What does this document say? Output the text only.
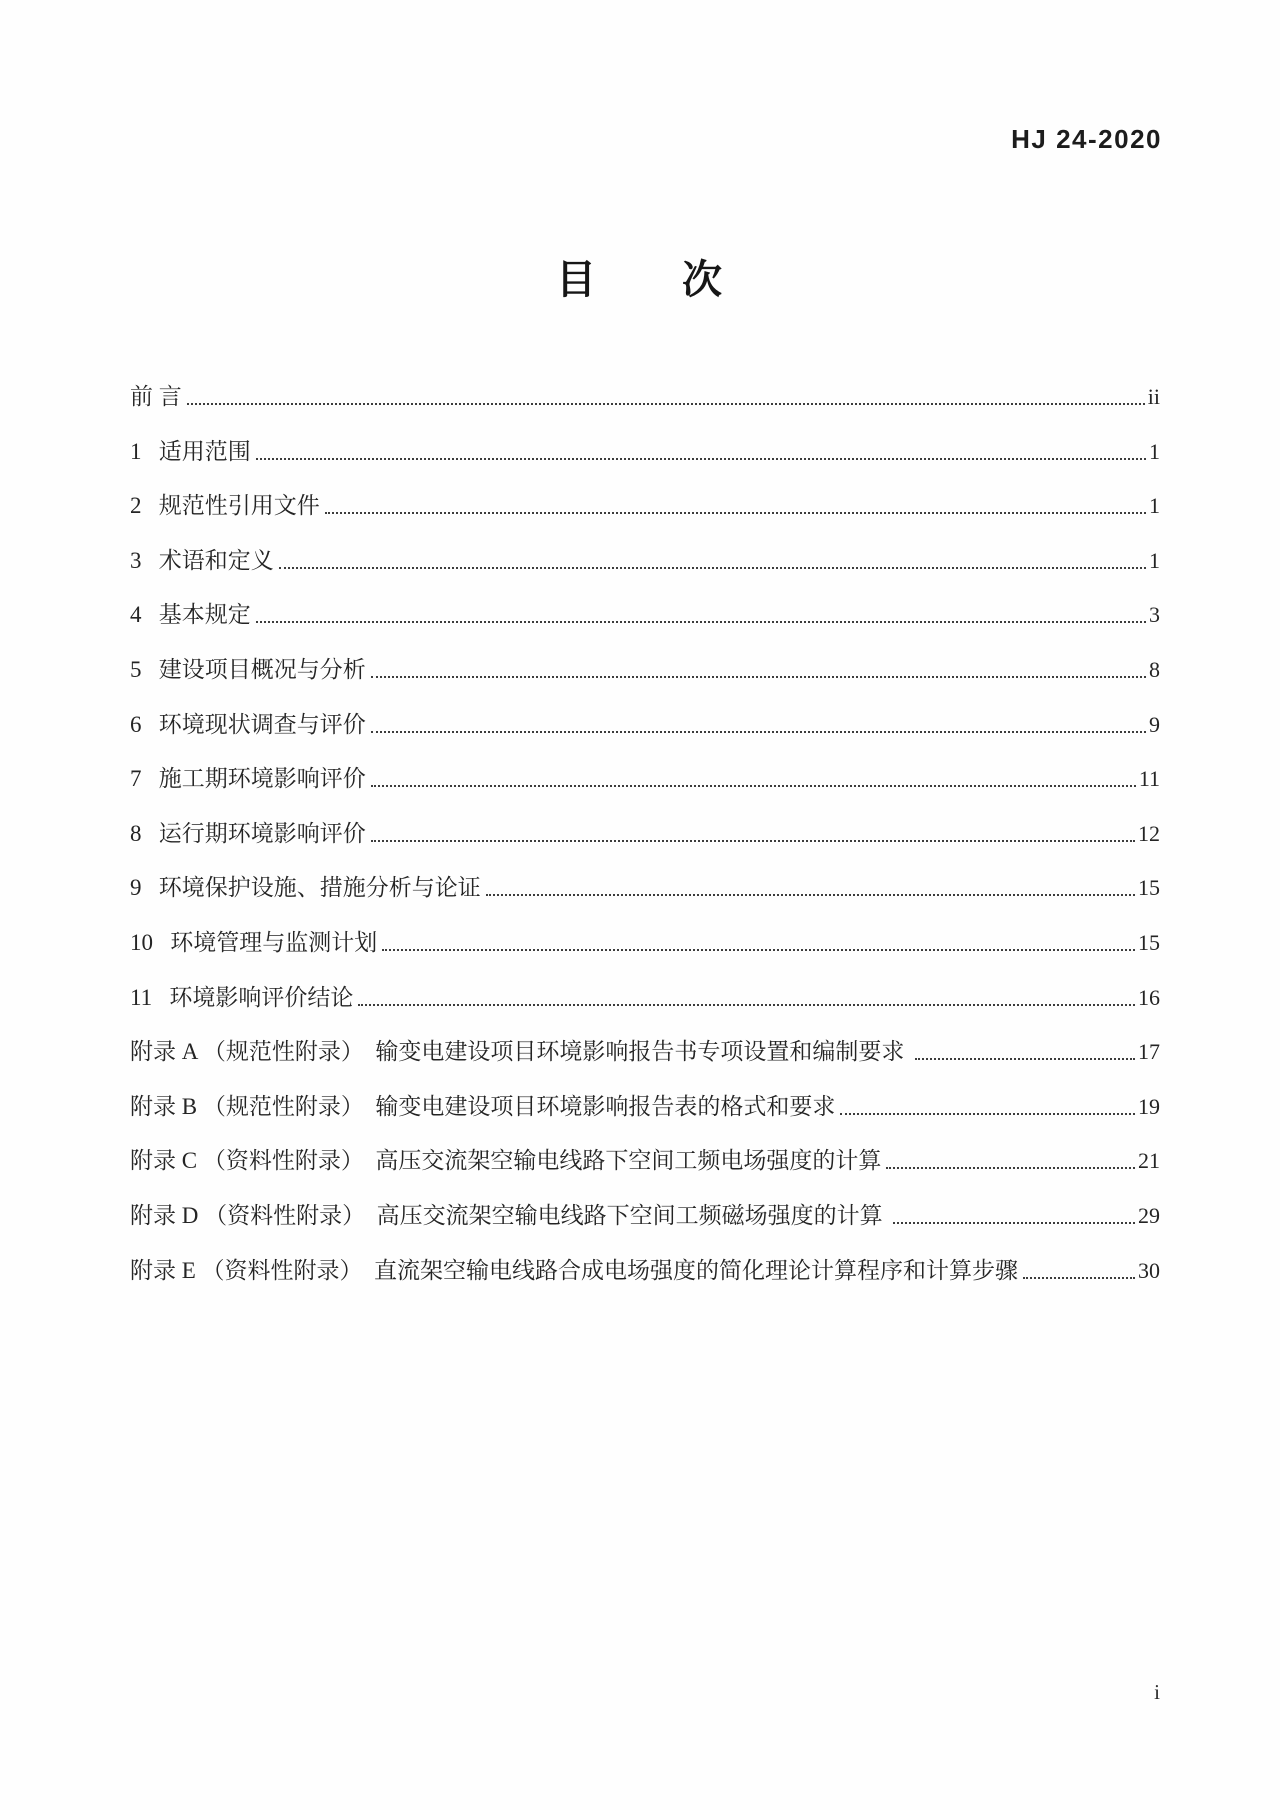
HJ 24-2020
目　　次
前 言	ii
1   适用范围	1
2   规范性引用文件	1
3   术语和定义	1
4   基本规定	3
5   建设项目概况与分析	8
6   环境现状调查与评价	9
7   施工期环境影响评价	11
8   运行期环境影响评价	12
9   环境保护设施、措施分析与论证	15
10   环境管理与监测计划	15
11   环境影响评价结论	16
附录 A （规范性附录）  输变电建设项目环境影响报告书专项设置和编制要求	17
附录 B （规范性附录）  输变电建设项目环境影响报告表的格式和要求	19
附录 C （资料性附录）  高压交流架空输电线路下空间工频电场强度的计算	21
附录 D （资料性附录）  高压交流架空输电线路下空间工频磁场强度的计算	29
附录 E （资料性附录）  直流架空输电线路合成电场强度的简化理论计算程序和计算步骤	30
i
